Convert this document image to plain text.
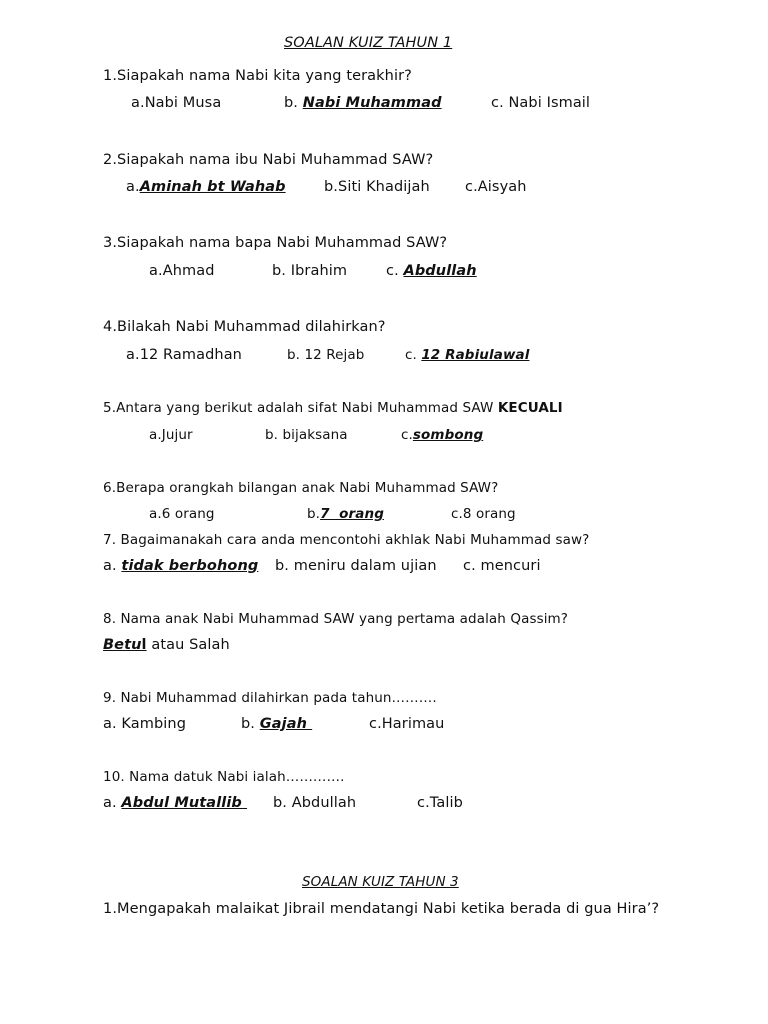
SOALAN KUIZ TAHUN 1
1.Siapakah nama Nabi kita yang terakhir?
a.Nabi Musa	b. Nabi Muhammad	c. Nabi Ismail
2.Siapakah nama ibu Nabi Muhammad SAW?
a.Aminah bt Wahab	b.Siti Khadijah c.Aisyah
3.Siapakah nama bapa Nabi Muhammad SAW?
a.Ahmad	b. Ibrahim	c. Abdullah
4.Bilakah Nabi Muhammad dilahirkan?
a.12 Ramadhan	b. 12 Rejab	c. 12 Rabiulawal
5.Antara yang berikut adalah sifat Nabi Muhammad SAW KECUALI
a.Jujur	b. bijaksana	c.sombong
6.Berapa orangkah bilangan anak Nabi Muhammad SAW?
a.6 orang	b.7  orang	c.8 orang
7. Bagaimanakah cara anda mencontohi akhlak Nabi Muhammad saw?
a. tidak berbohong b. meniru dalam ujian c. mencuri
8. Nama anak Nabi Muhammad SAW yang pertama adalah Qassim?
Betul atau Salah
9. Nabi Muhammad dilahirkan pada tahun……….
a. Kambing	b. Gajah	c.Harimau
10. Nama datuk Nabi ialah………….
a. Abdul Mutallib b. Abdullah	c.Talib
SOALAN KUIZ TAHUN 3
1.Mengapakah malaikat Jibrail mendatangi Nabi ketika berada di gua Hira’?
